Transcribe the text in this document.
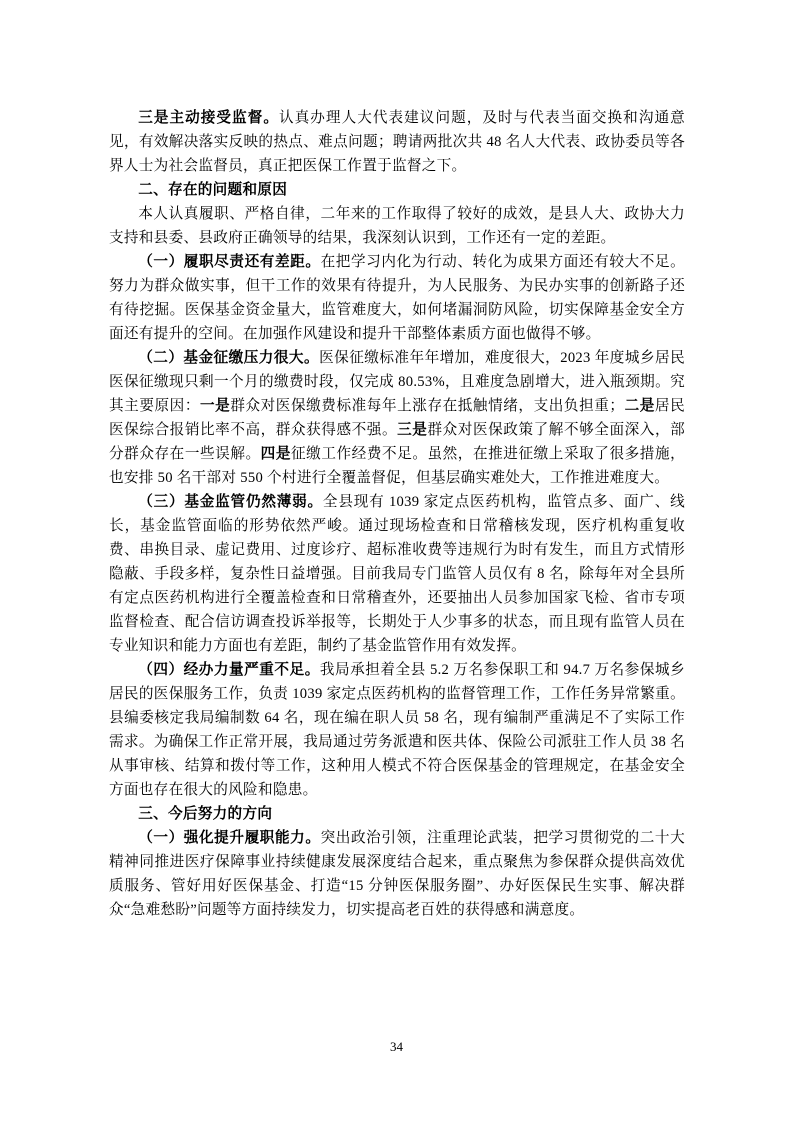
三是主动接受监督。认真办理人大代表建议问题，及时与代表当面交换和沟通意见，有效解决落实反映的热点、难点问题；聘请两批次共 48 名人大代表、政协委员等各界人士为社会监督员，真正把医保工作置于监督之下。

二、存在的问题和原因

本人认真履职、严格自律，二年来的工作取得了较好的成效，是县人大、政协大力支持和县委、县政府正确领导的结果，我深刻认识到，工作还有一定的差距。

（一）履职尽责还有差距。在把学习内化为行动、转化为成果方面还有较大不足。努力为群众做实事，但干工作的效果有待提升，为人民服务、为民办实事的创新路子还有待挖掘。医保基金资金量大，监管难度大，如何堵漏洞防风险，切实保障基金安全方面还有提升的空间。在加强作风建设和提升干部整体素质方面也做得不够。

（二）基金征缴压力很大。医保征缴标准年年增加，难度很大，2023 年度城乡居民医保征缴现只剩一个月的缴费时段，仅完成 80.53%，且难度急剧增大，进入瓶颈期。究其主要原因：一是群众对医保缴费标准每年上涨存在抵触情绪，支出负担重；二是居民医保综合报销比率不高，群众获得感不强。三是群众对医保政策了解不够全面深入，部分群众存在一些误解。四是征缴工作经费不足。虽然，在推进征缴上采取了很多措施，也安排 50 名干部对 550 个村进行全覆盖督促，但基层确实难处大，工作推进难度大。

（三）基金监管仍然薄弱。全县现有 1039 家定点医药机构，监管点多、面广、线长，基金监管面临的形势依然严峻。通过现场检查和日常稽核发现，医疗机构重复收费、串换目录、虚记费用、过度诊疗、超标准收费等违规行为时有发生，而且方式情形隐蔽、手段多样，复杂性日益增强。目前我局专门监管人员仅有 8 名，除每年对全县所有定点医药机构进行全覆盖检查和日常稽查外，还要抽出人员参加国家飞检、省市专项监督检查、配合信访调查投诉举报等，长期处于人少事多的状态，而且现有监管人员在专业知识和能力方面也有差距，制约了基金监管作用有效发挥。

（四）经办力量严重不足。我局承担着全县 5.2 万名参保职工和 94.7 万名参保城乡居民的医保服务工作，负责 1039 家定点医药机构的监督管理工作，工作任务异常繁重。县编委核定我局编制数 64 名，现在编在职人员 58 名，现有编制严重满足不了实际工作需求。为确保工作正常开展，我局通过劳务派遣和医共体、保险公司派驻工作人员 38 名从事审核、结算和拨付等工作，这种用人模式不符合医保基金的管理规定，在基金安全方面也存在很大的风险和隐患。

三、今后努力的方向

（一）强化提升履职能力。突出政治引领，注重理论武装，把学习贯彻党的二十大精神同推进医疗保障事业持续健康发展深度结合起来，重点聚焦为参保群众提供高效优质服务、管好用好医保基金、打造“15 分钟医保服务圈”、办好医保民生实事、解决群众“急难愁盼”问题等方面持续发力，切实提高老百姓的获得感和满意度。

34
